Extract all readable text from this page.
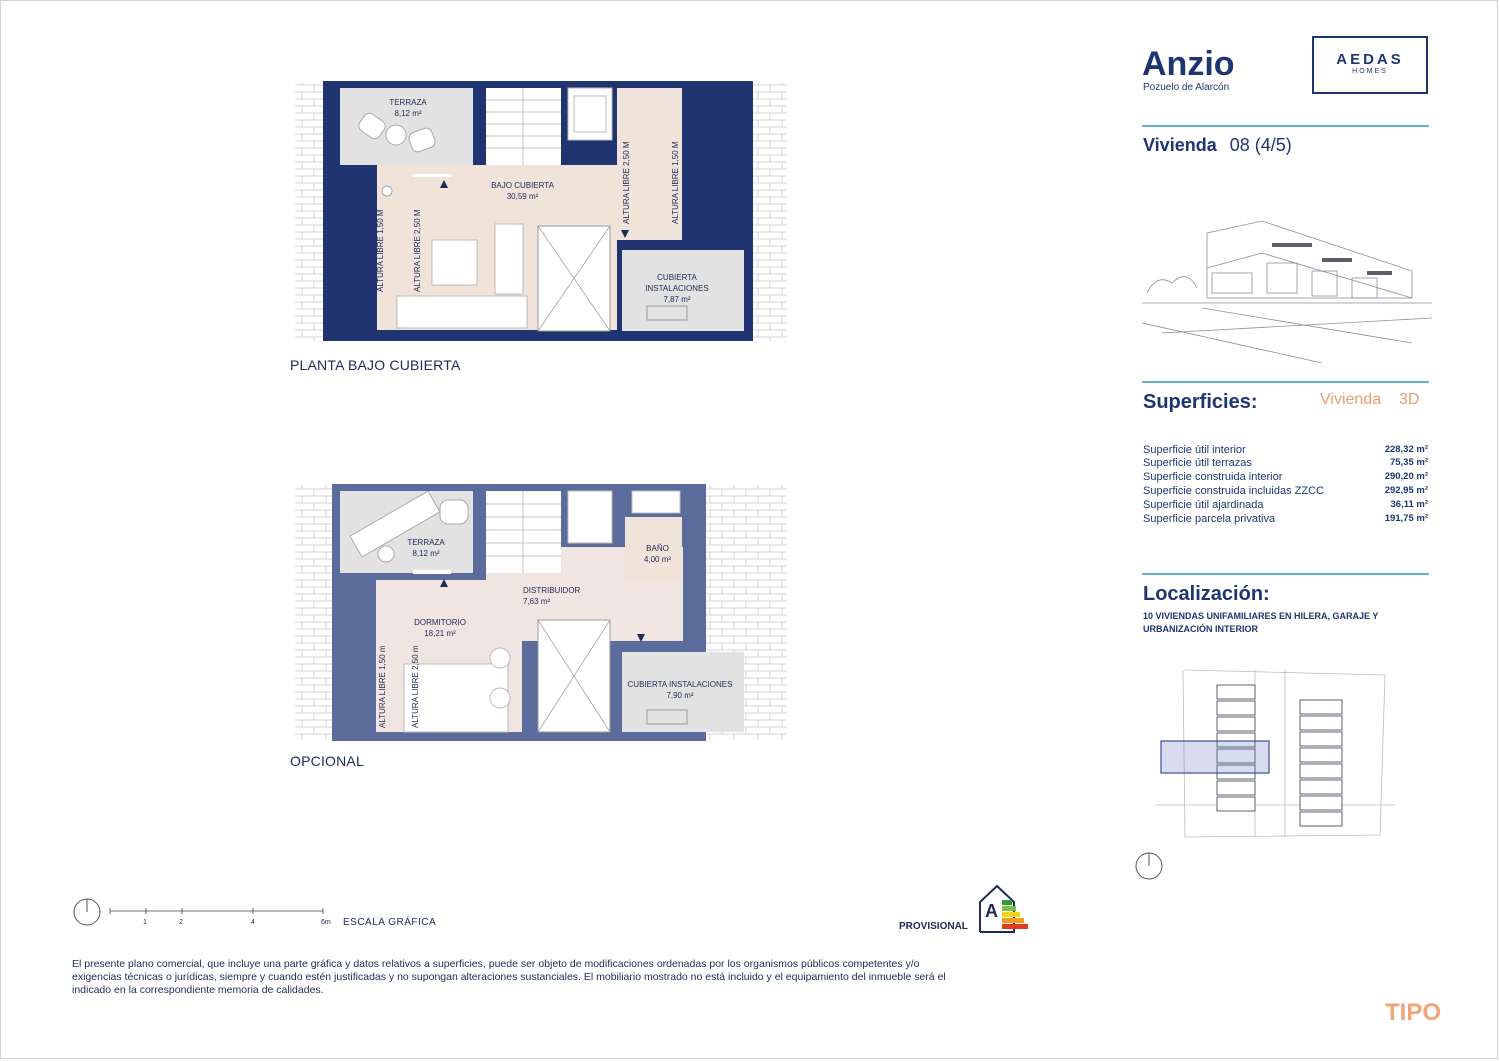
TERRAZA
8,12 m²
BAJO CUBIERTA
30,59 m²
CUBIERTA
INSTALACIONES
7,87 m²
ALTURA LIBRE 1,50 M	ALTURA LIBRE 2,50 M
ALTURA LIBRE 2,50 M	ALTURA LIBRE 1,50 M
PLANTA BAJO CUBIERTA
TERRAZA
8,12 m²
BAÑO
4,00 m²
DISTRIBUIDOR
7,63 m²
DORMITORIO
18,21 m²
CUBIERTA INSTALACIONES
7,90 m²
ALTURA LIBRE 1,50 m	ALTURA LIBRE 2,50 m
OPCIONAL
Anzio
Pozuelo de Alarcón
AEDAS
HOMES
Vivienda 08 (4/5)
Superficies:	Vivienda 3D
Superficie útil interior	228,32 m²
Superficie útil terrazas	75,35 m²
Superficie construida interior	290,20 m²
Superficie construida incluidas ZZCC	292,95 m²
Superficie útil ajardinada	36,11 m²
Superficie parcela privativa	191,75 m²
Localización:
10 VIVIENDAS UNIFAMILIARES EN HILERA, GARAJE Y
URBANIZACIÓN INTERIOR
1	2	4	6m ESCALA GRÁFICA	PROVISIONAL
A
El presente plano comercial, que incluye una parte gráfica y datos relativos a superficies, puede ser objeto de modificaciones ordenadas por los organismos públicos competentes y/o
exigencias técnicas o jurídicas, siempre y cuando estén justificadas y no supongan alteraciones sustanciales. El mobiliario mostrado no está incluido y el equipamiento del inmueble será el
indicado en la correspondiente memoria de calidades.
TIPO
